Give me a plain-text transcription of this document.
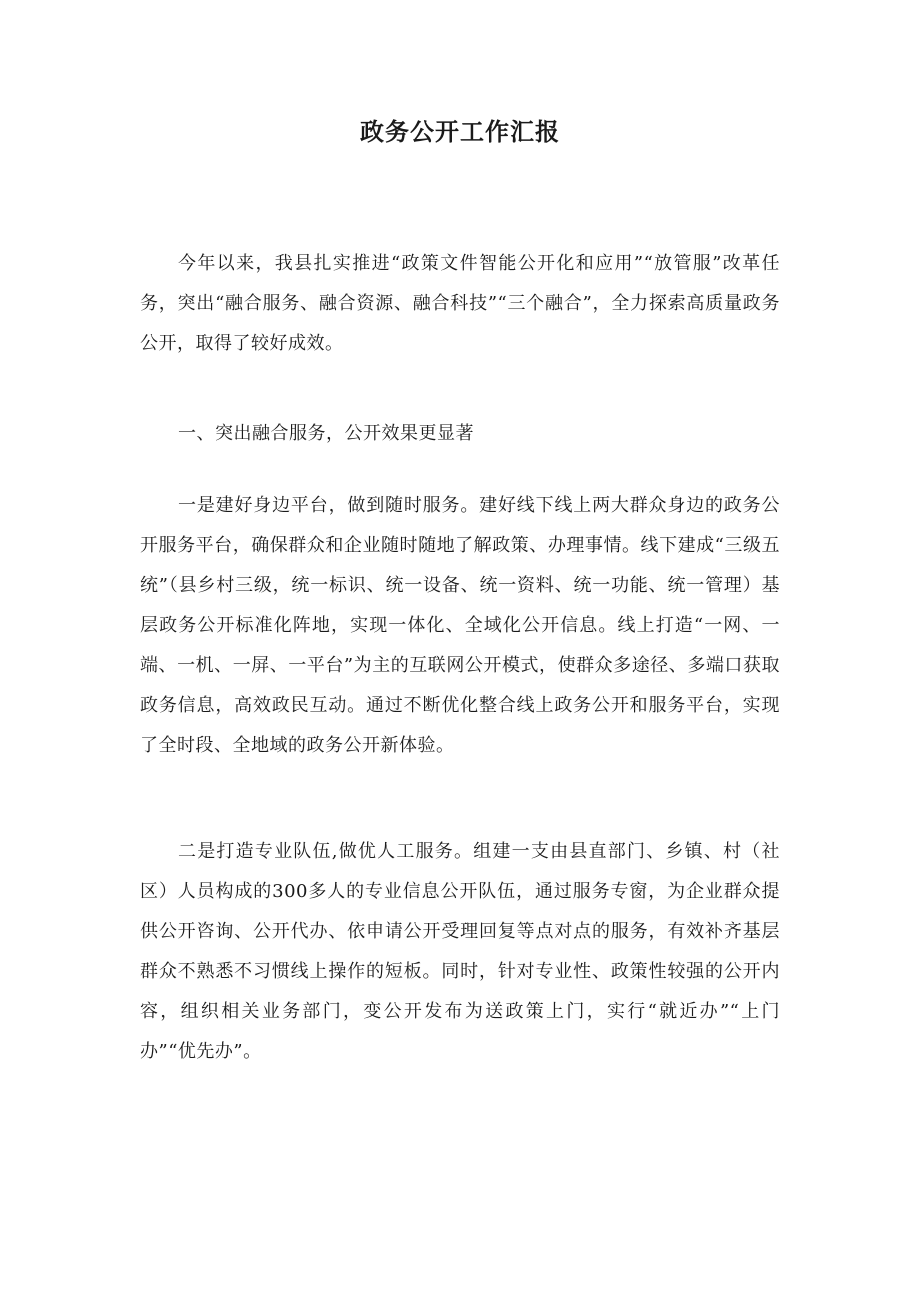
政务公开工作汇报

今年以来，我县扎实推进“政策文件智能公开化和应用”“放管服”改革任务，突出“融合服务、融合资源、融合科技”“三个融合”，全力探索高质量政务公开，取得了较好成效。

一、突出融合服务，公开效果更显著

一是建好身边平台，做到随时服务。建好线下线上两大群众身边的政务公开服务平台，确保群众和企业随时随地了解政策、办理事情。线下建成“三级五统”（县乡村三级，统一标识、统一设备、统一资料、统一功能、统一管理）基层政务公开标准化阵地，实现一体化、全域化公开信息。线上打造“一网、一端、一机、一屏、一平台”为主的互联网公开模式，使群众多途径、多端口获取政务信息，高效政民互动。通过不断优化整合线上政务公开和服务平台，实现了全时段、全地域的政务公开新体验。

二是打造专业队伍,做优人工服务。组建一支由县直部门、乡镇、村（社区）人员构成的300多人的专业信息公开队伍，通过服务专窗，为企业群众提供公开咨询、公开代办、依申请公开受理回复等点对点的服务，有效补齐基层群众不熟悉不习惯线上操作的短板。同时，针对专业性、政策性较强的公开内容，组织相关业务部门，变公开发布为送政策上门，实行“就近办”“上门办”“优先办”。
